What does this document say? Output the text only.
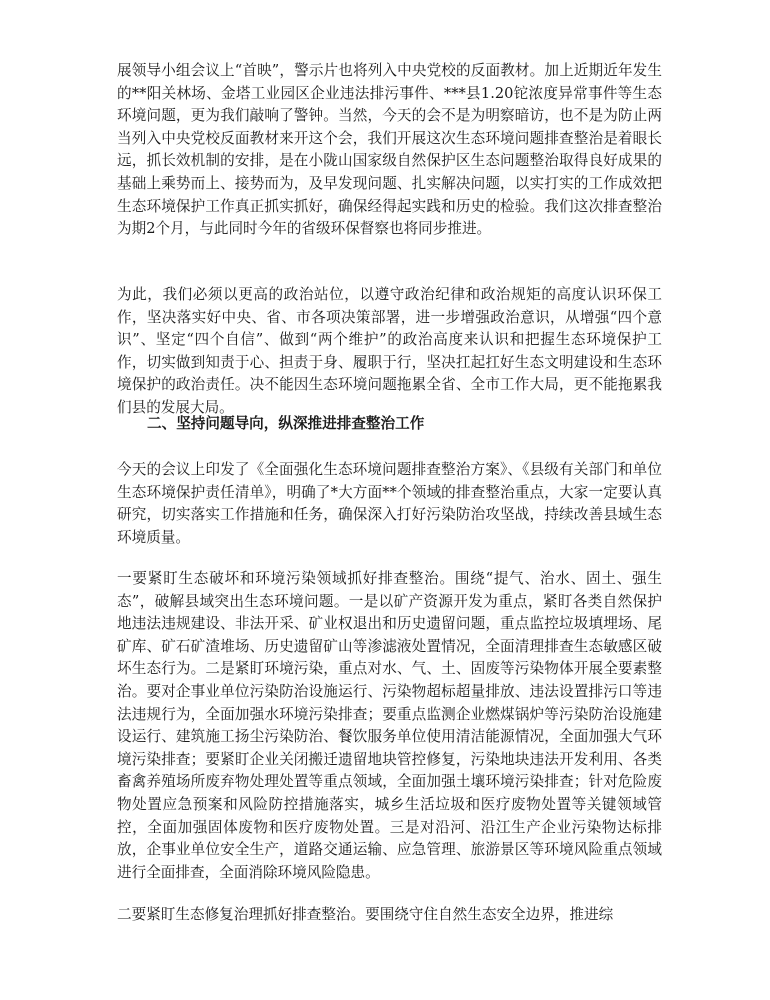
展领导小组会议上“首映”，警示片也将列入中央党校的反面教材。加上近期近年发生的**阳关林场、金塔工业园区企业违法排污事件、***县1.20铊浓度异常事件等生态环境问题，更为我们敲响了警钟。当然，今天的会不是为明察暗访，也不是为防止两当列入中央党校反面教材来开这个会，我们开展这次生态环境问题排查整治是着眼长远，抓长效机制的安排，是在小陇山国家级自然保护区生态问题整治取得良好成果的基础上乘势而上、接势而为，及早发现问题、扎实解决问题，以实打实的工作成效把生态环境保护工作真正抓实抓好，确保经得起实践和历史的检验。我们这次排查整治为期2个月，与此同时今年的省级环保督察也将同步推进。

为此，我们必须以更高的政治站位，以遵守政治纪律和政治规矩的高度认识环保工作，坚决落实好中央、省、市各项决策部署，进一步增强政治意识，从增强“四个意识”、坚定“四个自信”、做到“两个维护”的政治高度来认识和把握生态环境保护工作，切实做到知责于心、担责于身、履职于行，坚决扛起扛好生态文明建设和生态环境保护的政治责任。决不能因生态环境问题拖累全省、全市工作大局，更不能拖累我们县的发展大局。

二、坚持问题导向，纵深推进排查整治工作

今天的会议上印发了《全面强化生态环境问题排查整治方案》、《县级有关部门和单位生态环境保护责任清单》，明确了*大方面**个领域的排查整治重点，大家一定要认真研究，切实落实工作措施和任务，确保深入打好污染防治攻坚战，持续改善县域生态环境质量。

一要紧盯生态破坏和环境污染领域抓好排查整治。围绕“提气、治水、固土、强生态”，破解县域突出生态环境问题。一是以矿产资源开发为重点，紧盯各类自然保护地违法违规建设、非法开采、矿业权退出和历史遗留问题，重点监控垃圾填埋场、尾矿库、矿石矿渣堆场、历史遗留矿山等渗滤液处置情况，全面清理排查生态敏感区破坏生态行为。二是紧盯环境污染，重点对水、气、土、固废等污染物体开展全要素整治。要对企事业单位污染防治设施运行、污染物超标超量排放、违法设置排污口等违法违规行为，全面加强水环境污染排查；要重点监测企业燃煤锅炉等污染防治设施建设运行、建筑施工扬尘污染防治、餐饮服务单位使用清洁能源情况，全面加强大气环境污染排查；要紧盯企业关闭搬迁遗留地块管控修复，污染地块违法开发利用、各类畜禽养殖场所废弃物处理处置等重点领域，全面加强土壤环境污染排查；针对危险废物处置应急预案和风险防控措施落实，城乡生活垃圾和医疗废物处置等关键领域管控，全面加强固体废物和医疗废物处置。三是对沿河、沿江生产企业污染物达标排放，企事业单位安全生产，道路交通运输、应急管理、旅游景区等环境风险重点领域进行全面排查，全面消除环境风险隐患。

二要紧盯生态修复治理抓好排查整治。要围绕守住自然生态安全边界，推进综
